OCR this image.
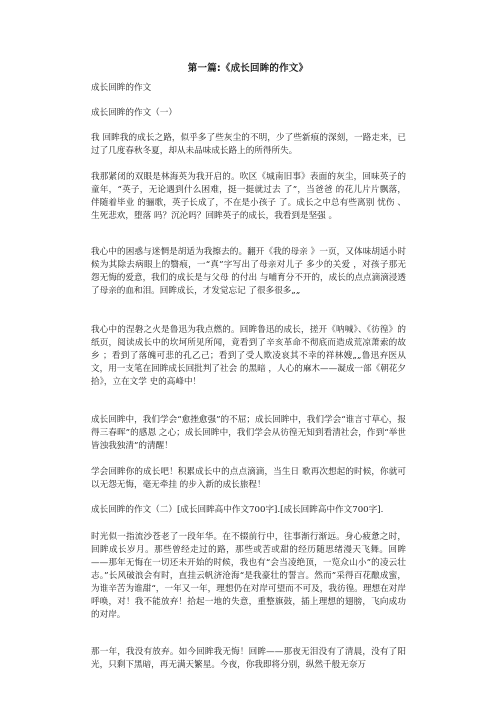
第一篇:《成长回眸的作文》
成长回眸的作文
成长回眸的作文（一）
我 回眸我的成长之路，似乎多了些灰尘的不明，少了些新痕的深刻，一路走来，已过了几度春秋冬夏，却从未品味成长路上的所得所失。
我那紧闭的双眼是林海英为我开启的。吹区《城南旧事》表面的灰尘，回味英子的童年，“英子，无论遇到什么困难，挺一挺就过去 了”，当爸爸 的花儿片片飘落，伴随着毕业 的骊歌，英子长成了，不在是小孩子 了。成长之中总有些离别 忧伤 、生死悲欢，堕落 吗？沉沦吗？回眸英子的成长，我看到是坚强 。
我心中的困惑与迷惘是胡适为我擦去的。翻开《我的母亲 》一页，又体味胡适小时候为其除去病眼上的翳痕，一“真”字写出了母亲对儿子 多少的关爱 ，对孩子那无怨无悔的爱意，我们的成长是与父母 的付出 与哺育分不开的，成长的点点滴滴浸透了母亲的血和泪。回眸成长，才发觉忘记 了很多很多„„
我心中的涅磐之火是鲁迅为我点燃的。回眸鲁迅的成长，搓开《呐喊》、《彷徨》的纸页，阅读成长中的坎坷所见所闻，竟看到了辛亥革命不彻底而造成荒凉萧索的故乡 ；看到了落魄可悲的孔乙己；看到了受人欺凌哀其不幸的祥林嫂„„鲁迅弃医从文，用一支笔在回眸成长回批判了社会 的黑暗 ，人心的麻木——凝成一部《朝花夕拾》，立在文学 史的高峰中！
成长回眸中，我们学会“愈挫愈强”的不屈；成长回眸中，我们学会“谁言寸草心，报得三春晖”的感恩 之心；成长回眸中，我们学会从彷徨无知到看清社会，作到“举世皆浊我独清”的清醒！
学会回眸你的成长吧！积累成长中的点点滴滴，当生日 歌再次想起的时候，你就可以无怨无悔，毫无牵挂 的步入新的成长旅程！
成长回眸的作文（二）[成长回眸高中作文700字].[成长回眸高中作文700字].
时光似一指流沙苍老了一段年华。在不辍前行中，往事渐行渐远。身心疲惫之时，回眸成长岁月。那些曾经走过的路，那些或苦或甜的经历随思绪漫天飞舞。回眸——那年无悔在一切还未开始的时候，我也有“会当凌绝顶，一览众山小”的凌云壮志。”长风破浪会有时，直挂云帆济沧海“是我豪壮的誓言。然而”采得百花酿成蜜，为谁辛苦为谁甜“，一年又一年，理想仍在对岸可望而不可及，我彷徨。理想在对岸呼唤，对！我不能放弃！拾起一地的失意，重整旗鼓，插上理想的翅膀，飞向成功的对岸。
那一年，我没有放弃。如今回眸我无悔！回眸——那夜无泪没有了清晨，没有了阳光，只剩下黑暗，再无满天繁星。今夜，你我即将分别，纵然千般无奈万
